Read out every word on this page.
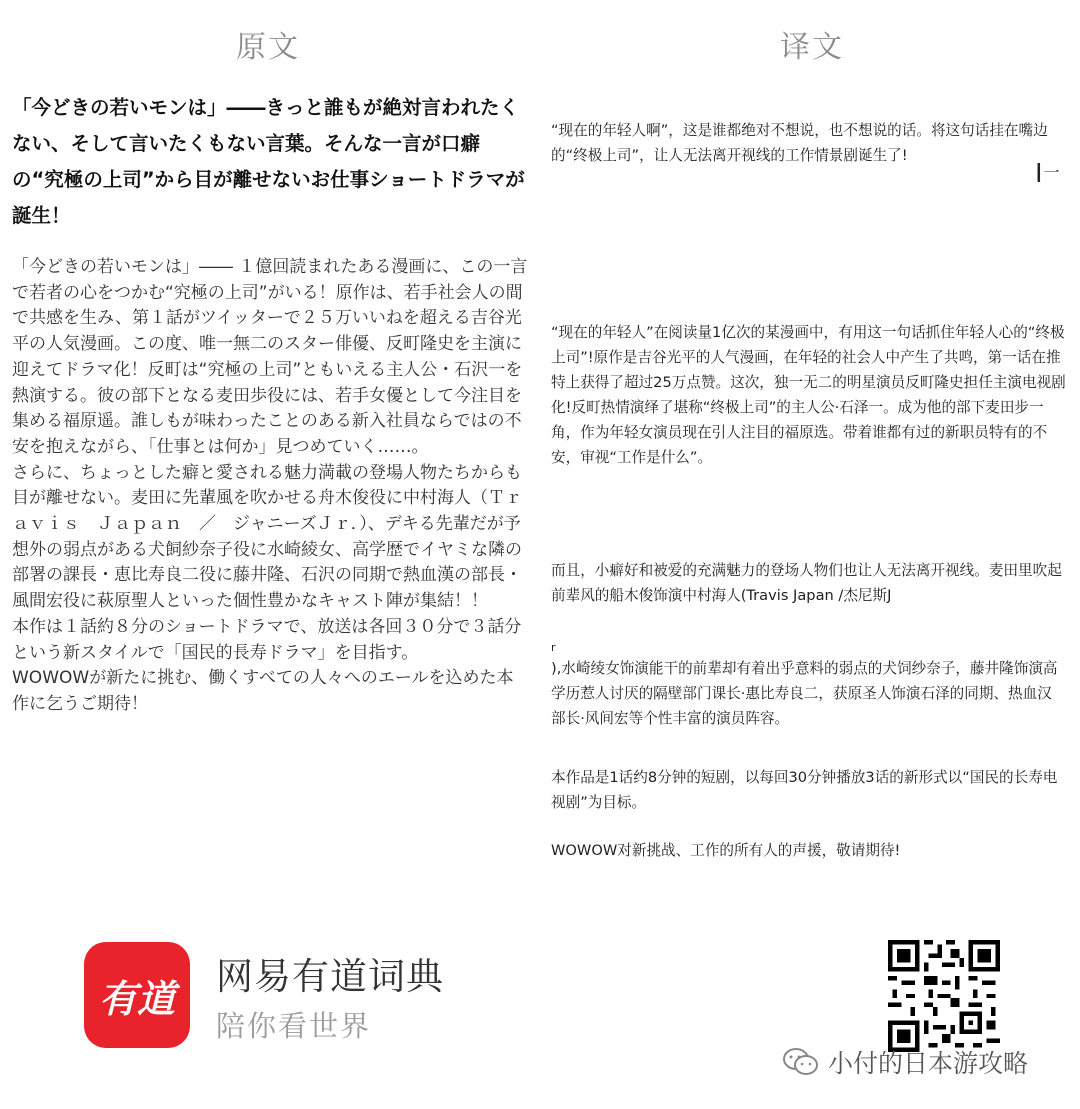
原文	译文
「今どきの若いモンは」――きっと誰もが絶対言われたくない、そして言いたくもない言葉。そんな一言が口癖の“究極の上司”から目が離せないお仕事ショートドラマが誕生！

「今どきの若いモンは」―― １億回読まれたある漫画に、この一言で若者の心をつかむ“究極の上司”がいる！原作は、若手社会人の間で共感を生み、第１話がツイッターで２５万いいねを超える吉谷光平の人気漫画。この度、唯一無二のスター俳優、反町隆史を主演に迎えてドラマ化！反町は“究極の上司”ともいえる主人公・石沢一を熱演する。彼の部下となる麦田歩役には、若手女優として今注目を集める福原遥。誰しもが味わったことのある新入社員ならではの不安を抱えながら、「仕事とは何か」見つめていく……。

さらに、ちょっとした癖と愛される魅力満載の登場人物たちからも目が離せない。麦田に先輩風を吹かせる舟木俊役に中村海人（Ｔｒａｖｉｓ　Ｊａｐａｎ　／　ジャニーズＪｒ．）、デキる先輩だが予想外の弱点がある犬飼紗奈子役に水崎綾女、高学歴でイヤミな隣の部署の課長・恵比寿良二役に藤井隆、石沢の同期で熱血漢の部長・風間宏役に萩原聖人といった個性豊かなキャスト陣が集結！！

本作は１話約８分のショートドラマで、放送は各回３０分で３話分という新スタイルで「国民的長寿ドラマ」を目指す。

WOWOWが新たに挑む、働くすべての人々へのエールを込めた本作に乞うご期待！

“现在的年轻人啊”，这是谁都绝对不想说，也不想说的话。将这句话挂在嘴边的“终极上司”，让人无法离开视线的工作情景剧诞生了!
┃一
“现在的年轻人”在阅读量1亿次的某漫画中，有用这一句话抓住年轻人心的“终极上司”!原作是吉谷光平的人气漫画，在年轻的社会人中产生了共鸣，第一话在推特上获得了超过25万点赞。这次，独一无二的明星演员反町隆史担任主演电视剧化!反町热情演绎了堪称“终极上司”的主人公·石泽一。成为他的部下麦田步一角，作为年轻女演员现在引人注目的福原选。带着谁都有过的新职员特有的不安，审视“工作是什么”。
而且，小癖好和被爱的充满魅力的登场人物们也让人无法离开视线。麦田里吹起前辈风的船木俊饰演中村海人(Travis Japan /杰尼斯J
r
),水崎绫女饰演能干的前辈却有着出乎意料的弱点的犬饲纱奈子，藤井隆饰演高学历惹人讨厌的隔壁部门课长·惠比寿良二，获原圣人饰演石泽的同期、热血汉部长·风间宏等个性丰富的演员阵容。
本作品是1话约8分钟的短剧，以每回30分钟播放3话的新形式以“国民的长寿电视剧”为目标。
WOWOW对新挑战、工作的所有人的声援，敬请期待!
有道	网易有道词典
陪你看世界
小付的日本游攻略
